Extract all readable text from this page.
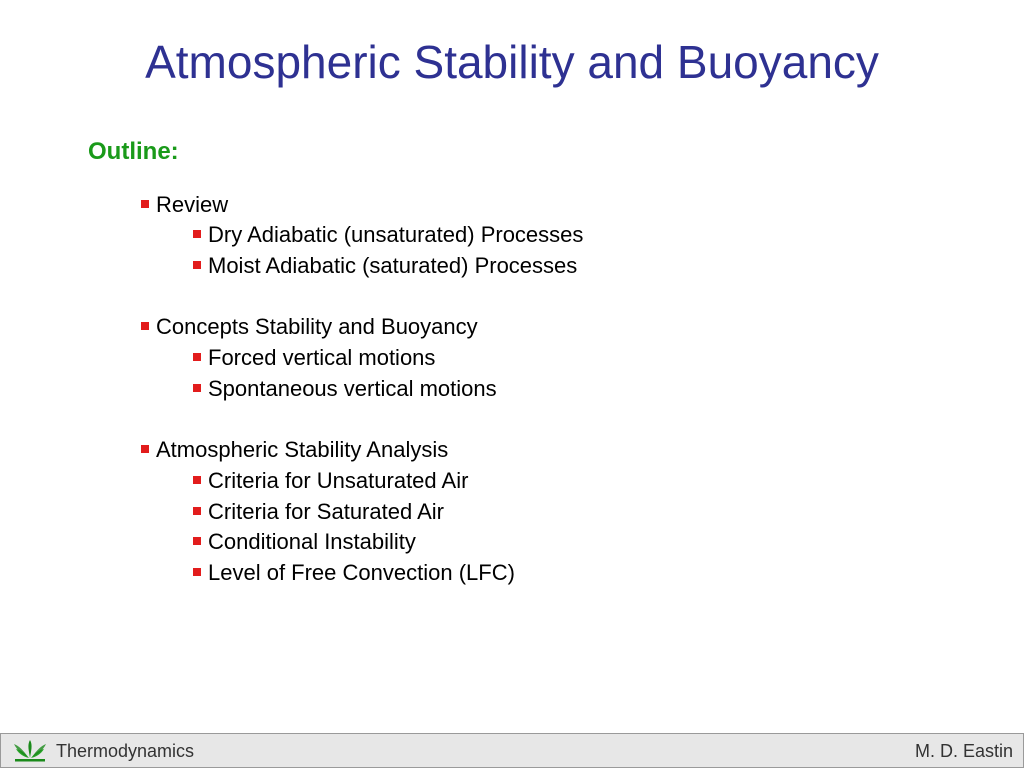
Atmospheric Stability and Buoyancy
Outline:
Review
Dry Adiabatic (unsaturated) Processes
Moist Adiabatic (saturated) Processes
Concepts Stability and Buoyancy
Forced vertical motions
Spontaneous vertical motions
Atmospheric Stability Analysis
Criteria for Unsaturated Air
Criteria for Saturated Air
Conditional Instability
Level of Free Convection (LFC)
Thermodynamics	M. D. Eastin
